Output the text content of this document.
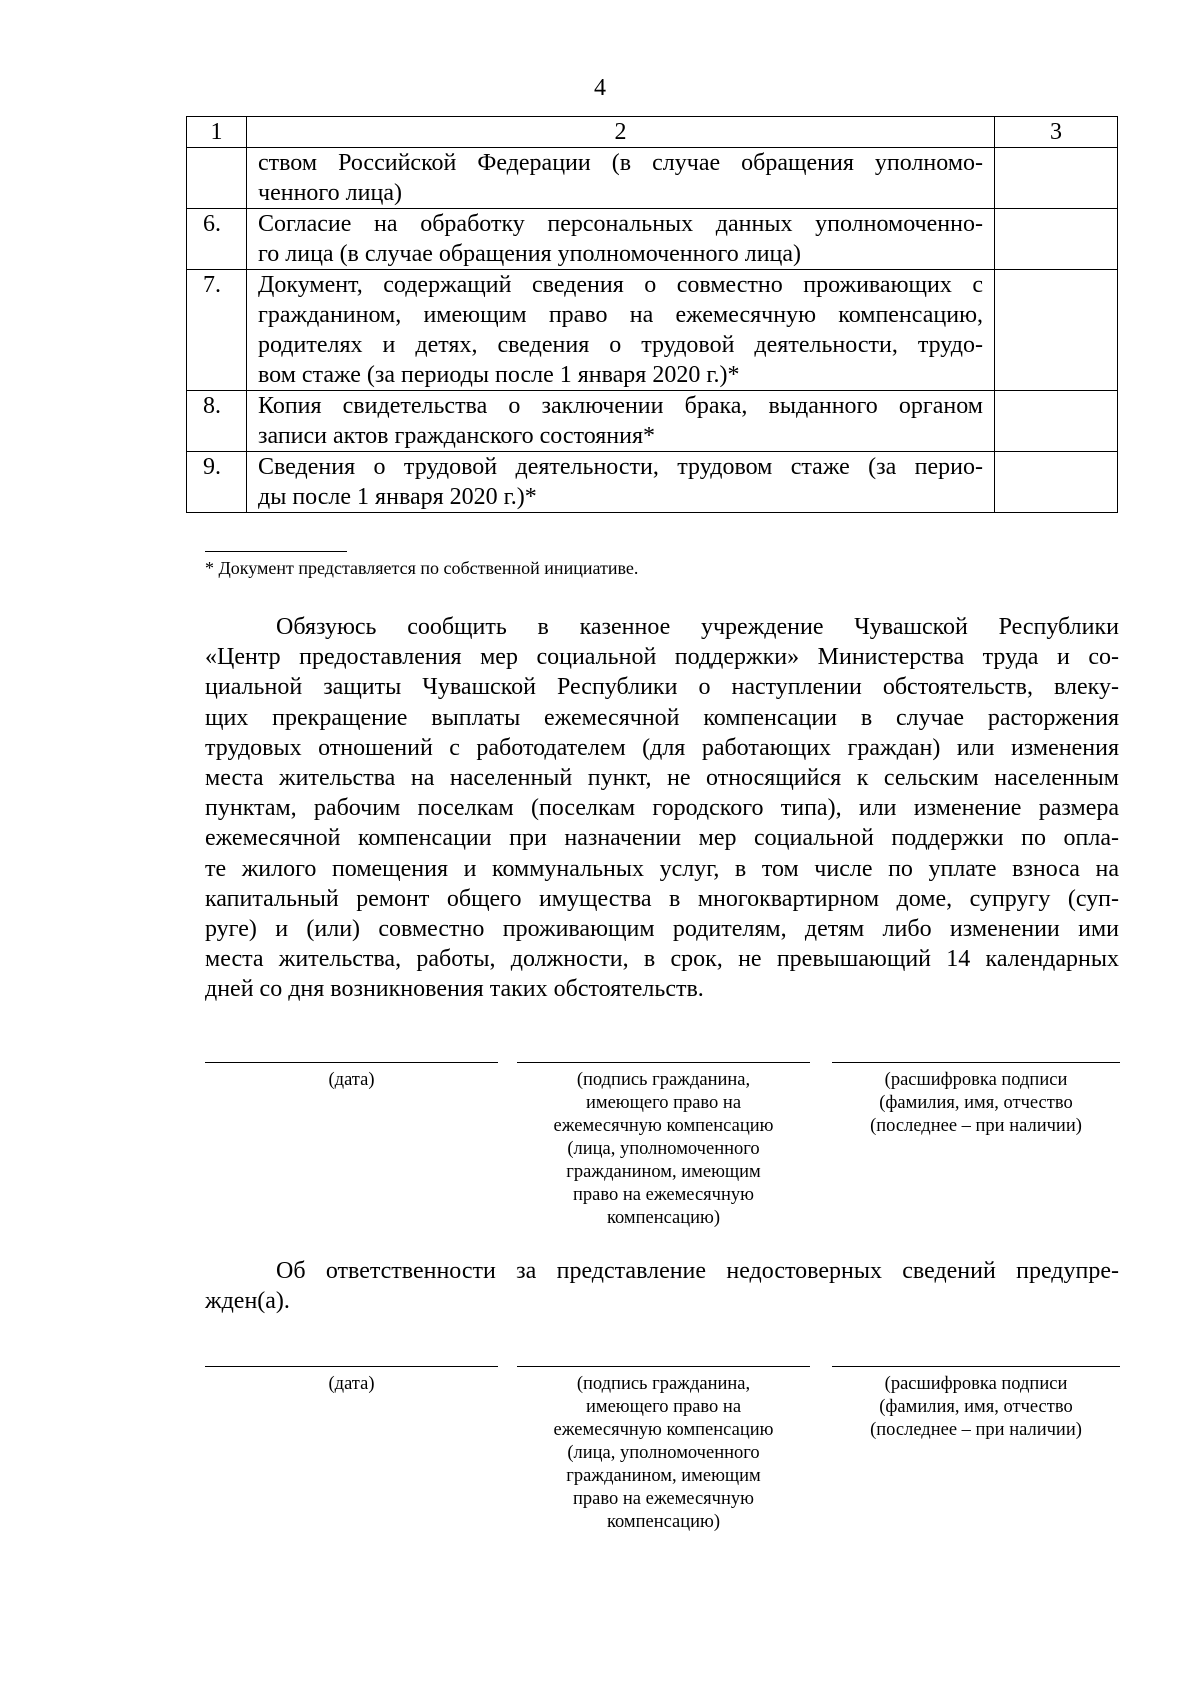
4
1	2	3

	ством Российской Федерации (в случае обращения уполномо-
ченного лица)	

6.	Согласие на обработку персональных данных уполномоченно-
го лица (в случае обращения уполномоченного лица)	

7.	Документ, содержащий сведения о совместно проживающих с
гражданином, имеющим право на ежемесячную компенсацию,
родителях и детях, сведения о трудовой деятельности, трудо-
вом стаже (за периоды после 1 января 2020 г.)*	

8.	Копия свидетельства о заключении брака, выданного органом
записи актов гражданского состояния*	

9.	Сведения о трудовой деятельности, трудовом стаже (за перио-
ды после 1 января 2020 г.)*	

* Документ представляется по собственной инициативе.
Обязуюсь сообщить в казенное учреждение Чувашской Республики
«Центр предоставления мер социальной поддержки» Министерства труда и со-
циальной защиты Чувашской Республики о наступлении обстоятельств, влеку-
щих прекращение выплаты ежемесячной компенсации в случае расторжения
трудовых отношений с работодателем (для работающих граждан) или изменения
места жительства на населенный пункт, не относящийся к сельским населенным
пунктам, рабочим поселкам (поселкам городского типа), или изменение размера
ежемесячной компенсации при назначении мер социальной поддержки по опла-
те жилого помещения и коммунальных услуг, в том числе по уплате взноса на
капитальный ремонт общего имущества в многоквартирном доме, супругу (суп-
руге) и (или) совместно проживающим родителям, детям либо изменении ими
места жительства, работы, должности, в срок, не превышающий 14 календарных
дней со дня возникновения таких обстоятельств.
(дата)	(подпись гражданина,
имеющего право на
ежемесячную компенсацию
(лица, уполномоченного
гражданином, имеющим
право на ежемесячную
компенсацию)
(расшифровка подписи
(фамилия, имя, отчество
(последнее – при наличии)
Об ответственности за представление недостоверных сведений предупре-
жден(а).
(дата)	(подпись гражданина,
имеющего право на
ежемесячную компенсацию
(лица, уполномоченного
гражданином, имеющим
право на ежемесячную
компенсацию)
(расшифровка подписи
(фамилия, имя, отчество
(последнее – при наличии)
